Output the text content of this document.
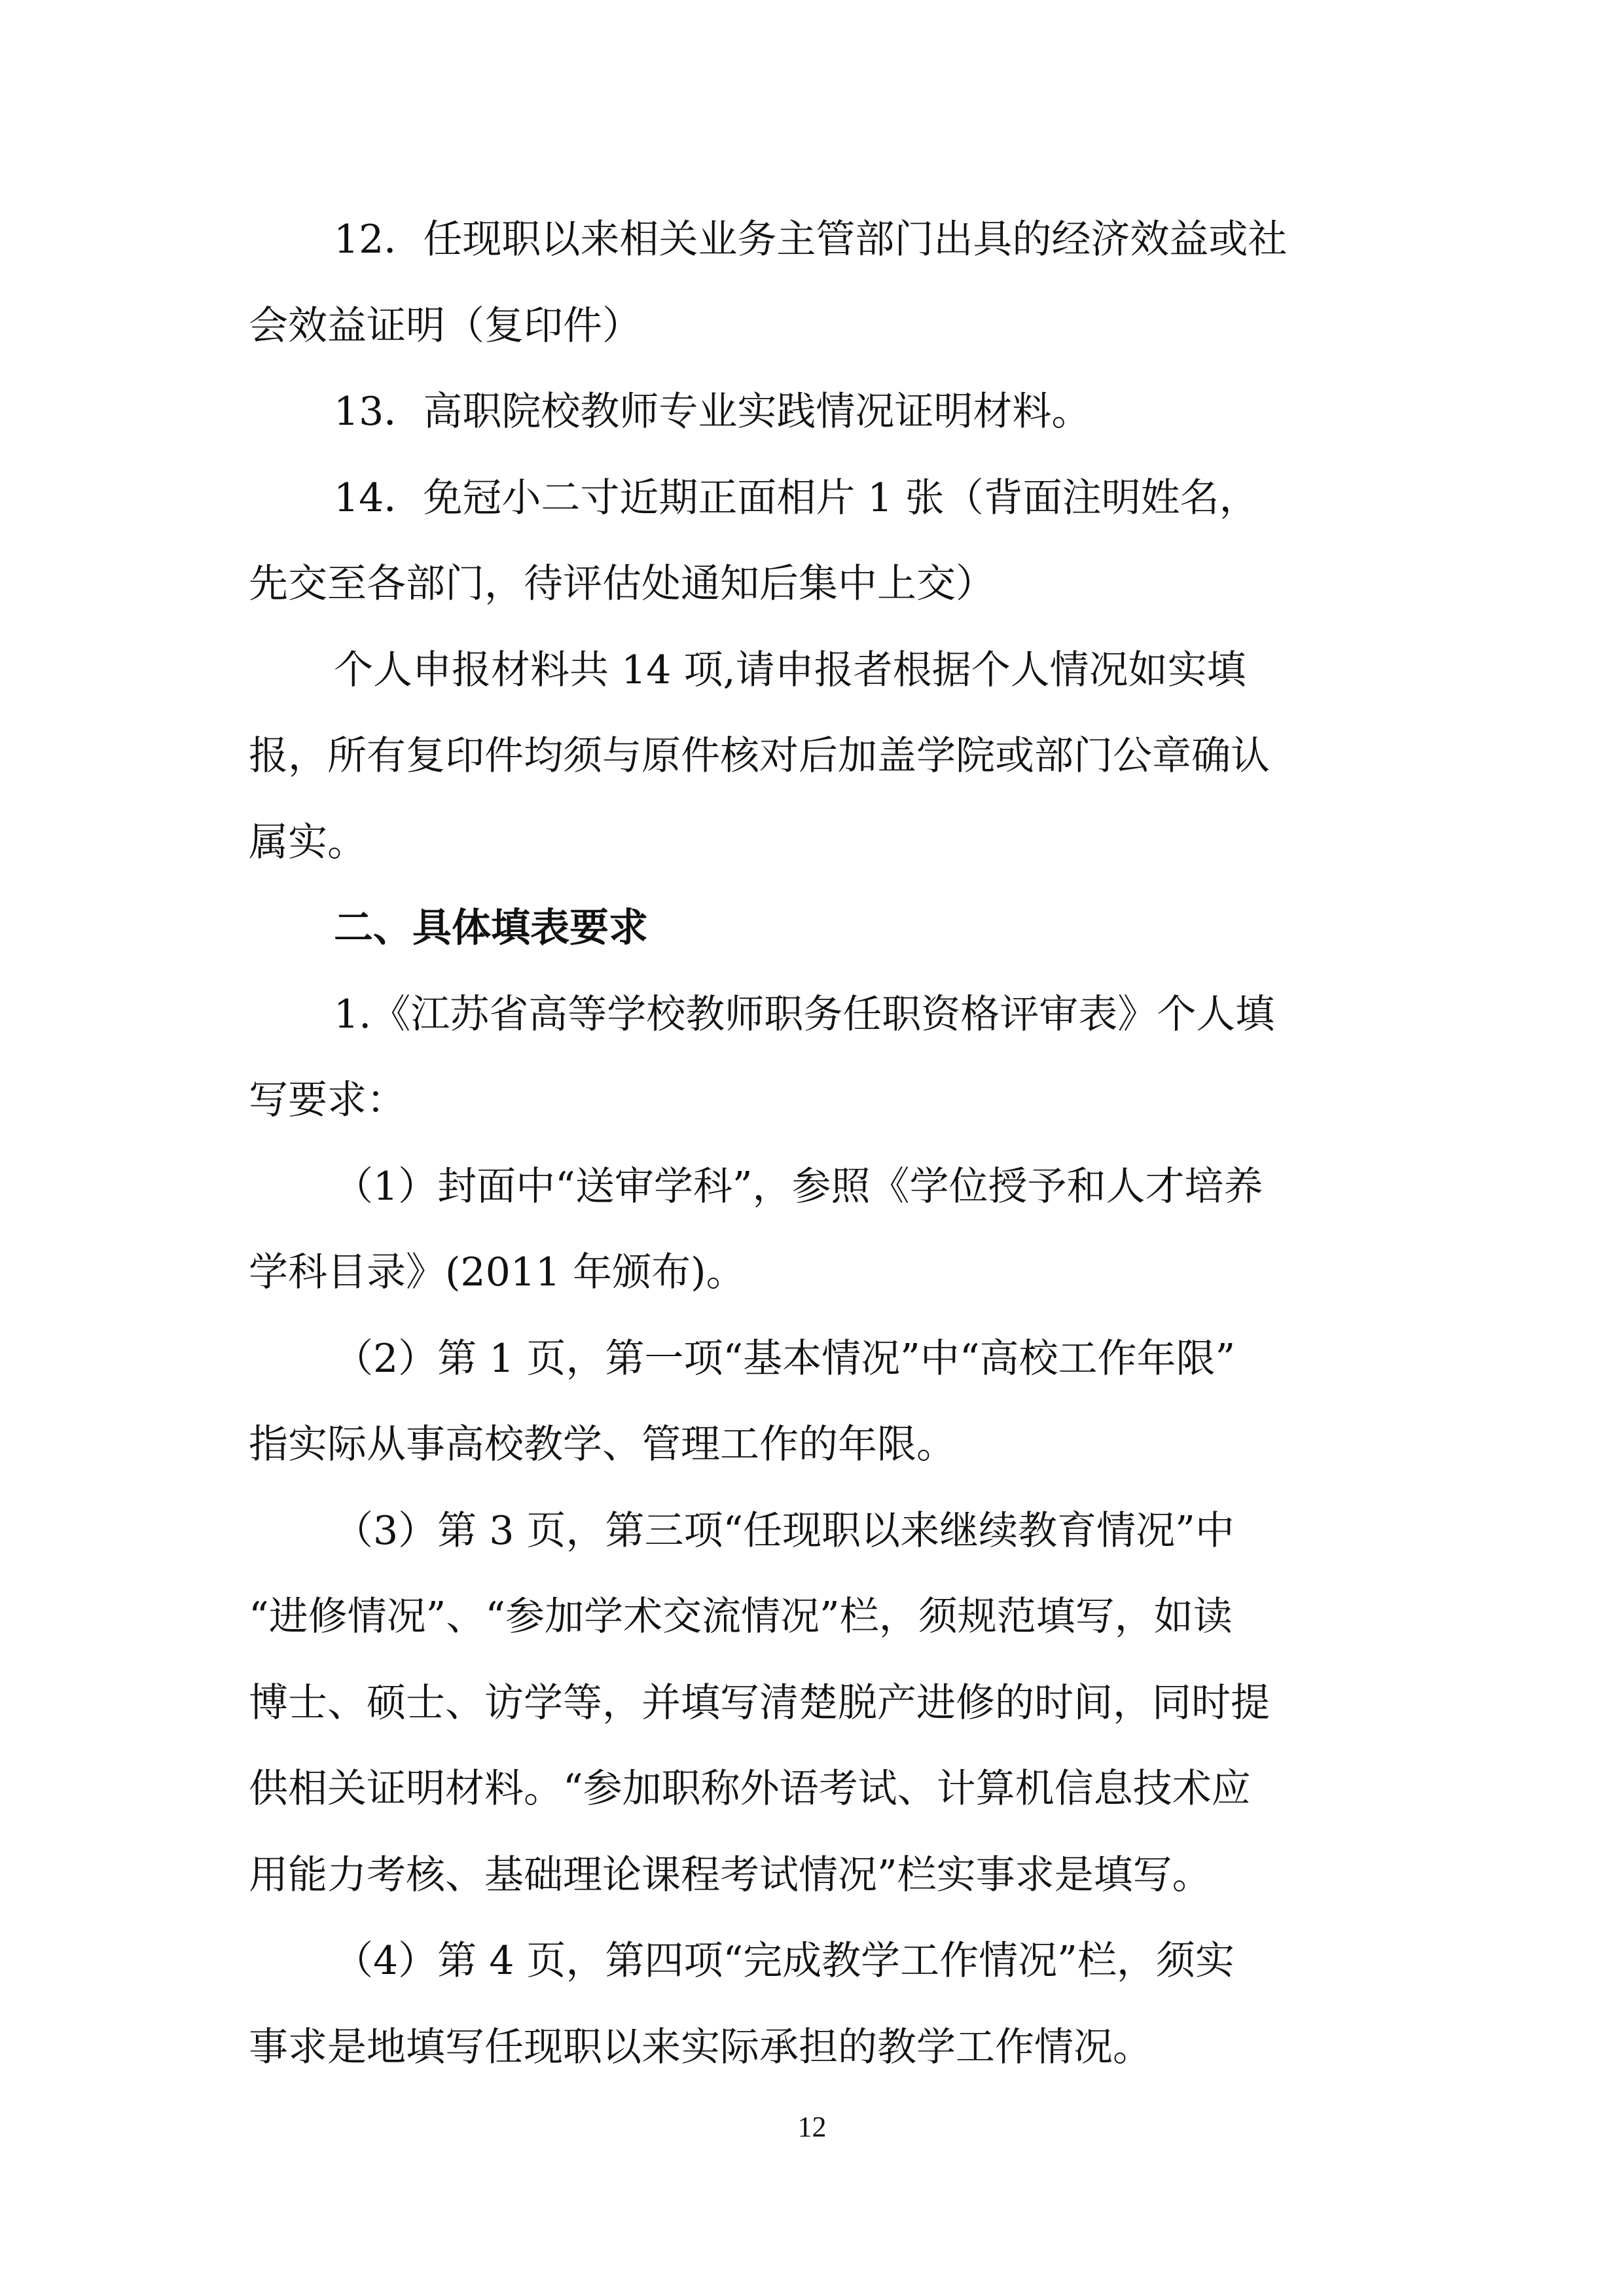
12．任现职以来相关业务主管部门出具的经济效益或社
会效益证明（复印件）
13．高职院校教师专业实践情况证明材料。
14．免冠小二寸近期正面相片 1 张（背面注明姓名，
先交至各部门，待评估处通知后集中上交）
个人申报材料共 14 项,请申报者根据个人情况如实填
报，所有复印件均须与原件核对后加盖学院或部门公章确认
属实。
二、具体填表要求
1.《江苏省高等学校教师职务任职资格评审表》个人填
写要求：
（1）封面中“送审学科”，参照《学位授予和人才培养
学科目录》(2011 年颁布)。
（2）第 1 页，第一项“基本情况”中“高校工作年限”
指实际从事高校教学、管理工作的年限。
（3）第 3 页，第三项“任现职以来继续教育情况”中
“进修情况”、“参加学术交流情况”栏，须规范填写，如读
博士、硕士、访学等，并填写清楚脱产进修的时间，同时提
供相关证明材料。“参加职称外语考试、计算机信息技术应
用能力考核、基础理论课程考试情况”栏实事求是填写。
（4）第 4 页，第四项“完成教学工作情况”栏，须实
事求是地填写任现职以来实际承担的教学工作情况。
12
